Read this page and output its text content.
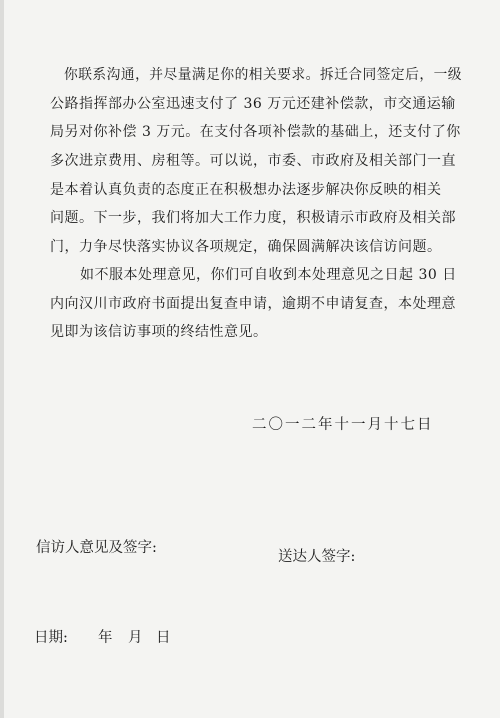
你联系沟通，并尽量满足你的相关要求。拆迁合同签定后，一级
公路指挥部办公室迅速支付了 36 万元还建补偿款，市交通运输
局另对你补偿 3 万元。在支付各项补偿款的基础上，还支付了你
多次进京费用、房租等。可以说，市委、市政府及相关部门一直
是本着认真负责的态度正在积极想办法逐步解决你反映的相关
问题。下一步，我们将加大工作力度，积极请示市政府及相关部
门，力争尽快落实协议各项规定，确保圆满解决该信访问题。
如不服本处理意见，你们可自收到本处理意见之日起 30 日
内向汉川市政府书面提出复查申请，逾期不申请复查，本处理意
见即为该信访事项的终结性意见。
二〇一二年十一月十七日
信访人意见及签字:
送达人签字:
日期: 年 月 日
